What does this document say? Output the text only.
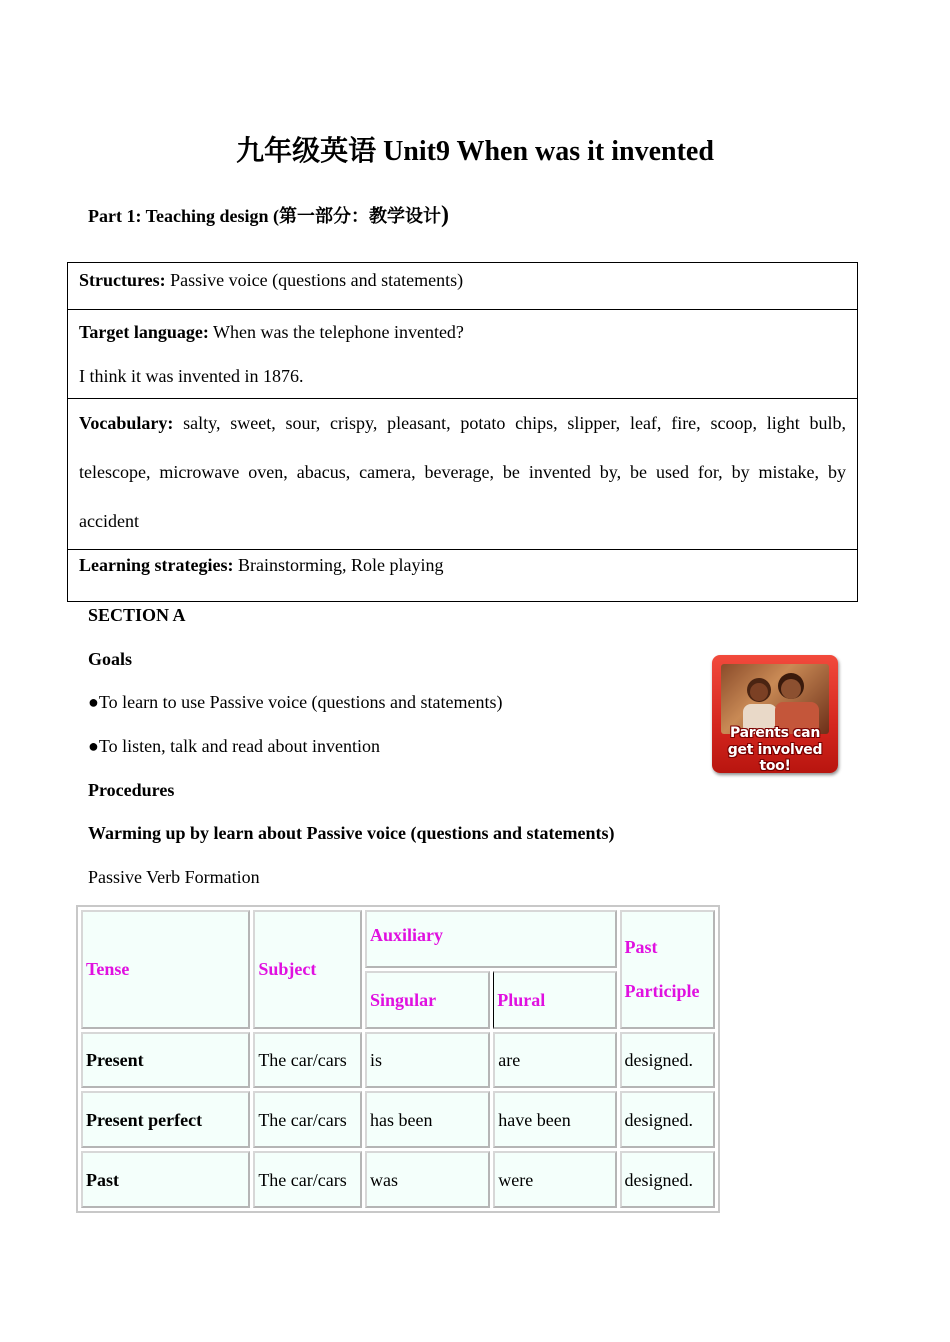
九年级英语 Unit9 When was it invented
Part 1: Teaching design (第一部分：教学设计)
Structures: Passive voice (questions and statements)

Target language: When was the telephone invented?

I think it was invented in 1876.

Vocabulary: salty, sweet, sour, crispy, pleasant, potato chips, slipper, leaf, fire, scoop, light bulb, telescope, microwave oven, abacus, camera, beverage, be invented by, be used for, by mistake, by accident

Learning strategies: Brainstorming, Role playing
SECTION A
Goals
●To learn to use Passive voice (questions and statements)
●To listen, talk and read about invention
Procedures
Warming up by learn about Passive voice (questions and statements)
Passive Verb Formation
Parents can
get involved too!
Tense	Subject	Auxiliary		Past
Participle
		Singular	Plural	
Present	The car/cars	is	are	designed.
Present perfect	The car/cars	has been	have been	designed.
Past	The car/cars	was	were	designed.
